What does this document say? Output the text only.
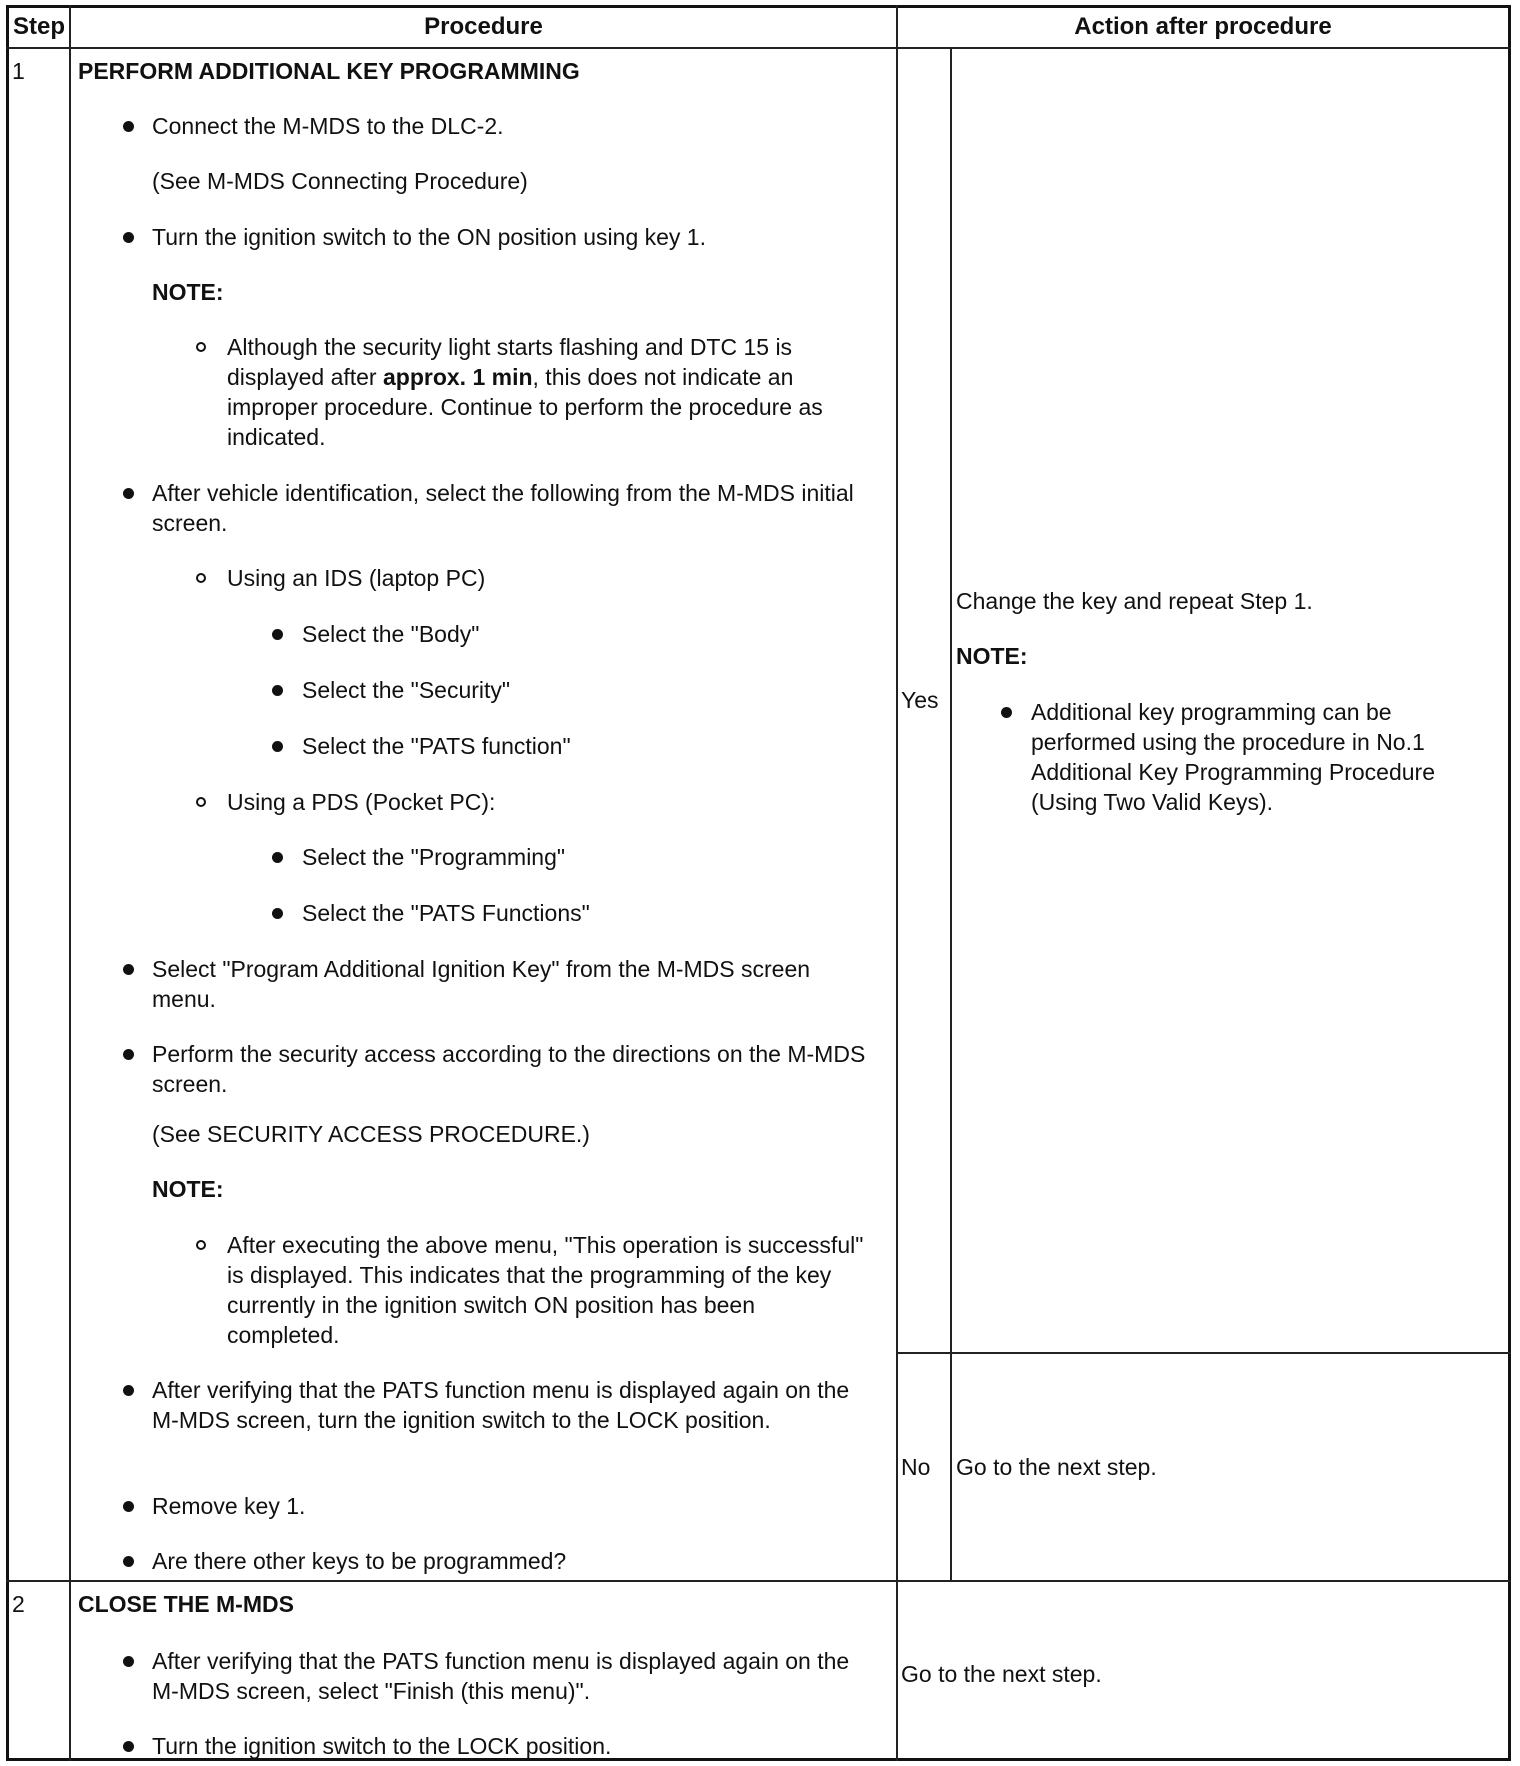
Step	Procedure	Action after procedure
1 PERFORM ADDITIONAL KEY PROGRAMMING
Connect the M-MDS to the DLC-2.
(See M-MDS Connecting Procedure)
Turn the ignition switch to the ON position using key 1.
NOTE:
Although the security light starts flashing and DTC 15 is displayed after approx. 1 min, this does not indicate an improper procedure. Continue to perform the procedure as indicated.
After vehicle identification, select the following from the M-MDS initial screen.
Using an IDS (laptop PC)
Select the "Body"
Select the "Security"
Select the "PATS function"
Using a PDS (Pocket PC):
Select the "Programming"
Select the "PATS Functions"
Select "Program Additional Ignition Key" from the M-MDS screen menu.
Perform the security access according to the directions on the M-MDS screen.
(See SECURITY ACCESS PROCEDURE.)
NOTE:
After executing the above menu, "This operation is successful" is displayed. This indicates that the programming of the key currently in the ignition switch ON position has been completed.
After verifying that the PATS function menu is displayed again on the M-MDS screen, turn the ignition switch to the LOCK position.
Remove key 1.
Are there other keys to be programmed?
Yes
Change the key and repeat Step 1.
NOTE:
Additional key programming can be performed using the procedure in No.1 Additional Key Programming Procedure (Using Two Valid Keys).
No Go to the next step.
2 CLOSE THE M-MDS
After verifying that the PATS function menu is displayed again on the M-MDS screen, select "Finish (this menu)".
Turn the ignition switch to the LOCK position.
Go to the next step.
